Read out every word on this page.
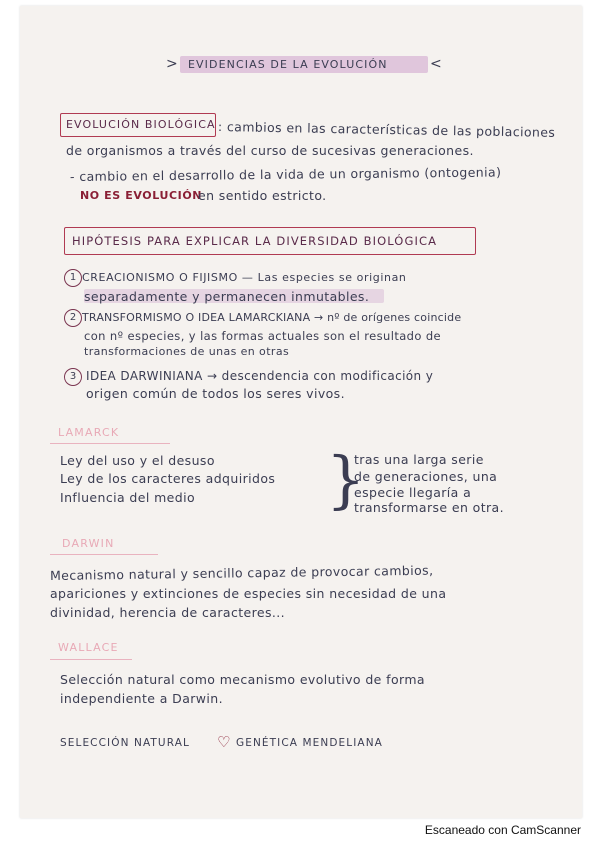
> EVIDENCIAS DE LA EVOLUCIÓN	<
EVOLUCIÓN BIOLÓGICA : cambios en las características de las poblaciones
de organismos a través del curso de sucesivas generaciones.
- cambio en el desarrollo de la vida de un organismo (ontogenia)
NO ES EVOLUCIÓN
en sentido estricto.
HIPÓTESIS PARA EXPLICAR LA DIVERSIDAD BIOLÓGICA
1 CREACIONISMO O FIJISMO — Las especies se originan
separadamente y permanecen inmutables.
2 TRANSFORMISMO O IDEA LAMARCKIANA → nº de orígenes coincide
con nº especies, y las formas actuales son el resultado de
transformaciones de unas en otras
3 IDEA DARWINIANA → descendencia con modificación y
origen común de todos los seres vivos.
LAMARCK
Ley del uso y el desuso
Ley de los caracteres adquiridos
Influencia del medio }
tras una larga serie
de generaciones, una
especie llegaría a
transformarse en otra.
DARWIN
Mecanismo natural y sencillo capaz de provocar cambios,
apariciones y extinciones de especies sin necesidad de una
divinidad, herencia de caracteres...
WALLACE
Selección natural como mecanismo evolutivo de forma
independiente a Darwin.
SELECCIÓN NATURAL ♡ GENÉTICA MENDELIANA
Escaneado con CamScanner
